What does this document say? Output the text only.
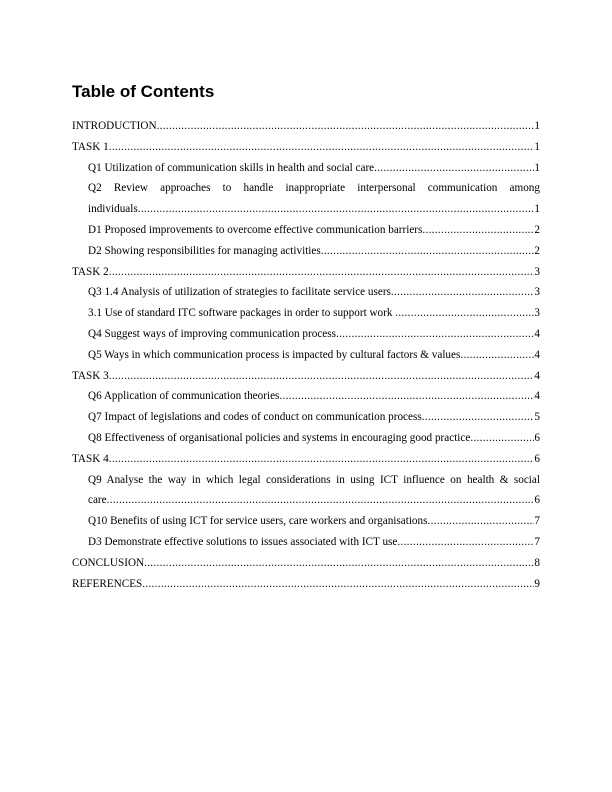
Table of Contents
INTRODUCTION .....	1
TASK 1 .....	1
Q1 Utilization of communication skills in health and social care .....	1
Q2 Review approaches to handle inappropriate interpersonal communication among
individuals .....	1
D1 Proposed improvements to overcome effective communication barriers .....	2
D2 Showing responsibilities for managing activities .....	2
TASK 2 .....	3
Q3 1.4 Analysis of utilization of strategies to facilitate service users .....	3
3.1 Use of standard ITC software packages in order to support work .....	3
Q4 Suggest ways of improving communication process .....	4
Q5 Ways in which communication process is impacted by cultural factors & values .....	4
TASK 3 .....	4
Q6 Application of communication theories .....	4
Q7 Impact of legislations and codes of conduct on communication process .....	5
Q8 Effectiveness of organisational policies and systems in encouraging good practice .....	6
TASK 4 .....	6
Q9 Analyse the way in which legal considerations in using ICT influence on health & social
care .....	6
Q10 Benefits of using ICT for service users, care workers and organisations .....	7
D3 Demonstrate effective solutions to issues associated with ICT use .....	7
CONCLUSION .....	8
REFERENCES .....	9
